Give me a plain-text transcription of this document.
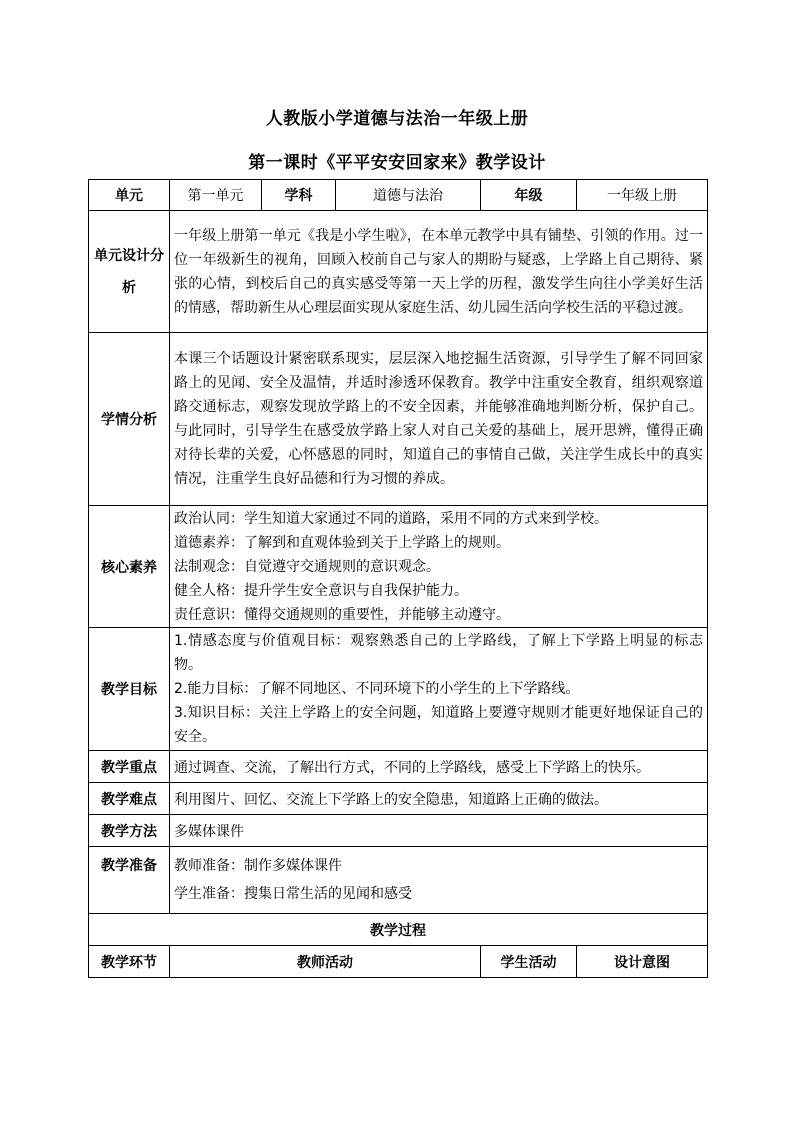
人教版小学道德与法治一年级上册
第一课时《平平安安回家来》教学设计
单元	第一单元	学科	道德与法治	年级	一年级上册
单元设计分析	一年级上册第一单元《我是小学生啦》，在本单元教学中具有铺垫、引领的作用。过一位一年级新生的视角，回顾入校前自己与家人的期盼与疑惑，上学路上自己期待、紧张的心情，到校后自己的真实感受等第一天上学的历程，激发学生向往小学美好生活的情感，帮助新生从心理层面实现从家庭生活、幼儿园生活向学校生活的平稳过渡。				
学情分析	本课三个话题设计紧密联系现实，层层深入地挖掘生活资源，引导学生了解不同回家路上的见闻、安全及温情，并适时渗透环保教育。教学中注重安全教育，组织观察道路交通标志，观察发现放学路上的不安全因素，并能够准确地判断分析，保护自己。与此同时，引导学生在感受放学路上家人对自己关爱的基础上，展开思辨，懂得正确对待长辈的关爱，心怀感恩的同时，知道自己的事情自己做，关注学生成长中的真实情况，注重学生良好品德和行为习惯的养成。				
核心素养	政治认同：学生知道大家通过不同的道路，采用不同的方式来到学校。
道德素养：了解到和直观体验到关于上学路上的规则。
法制观念：自觉遵守交通规则的意识观念。
健全人格：提升学生安全意识与自我保护能力。
责任意识：懂得交通规则的重要性，并能够主动遵守。				

教学目标	1.情感态度与价值观目标：观察熟悉自己的上学路线，了解上下学路上明显的标志物。
2.能力目标：了解不同地区、不同环境下的小学生的上下学路线。
3.知识目标：关注上学路上的安全问题，知道路上要遵守规则才能更好地保证自己的安全。				

教学重点	通过调查、交流，了解出行方式，不同的上学路线，感受上下学路上的快乐。				
教学难点	利用图片、回忆、交流上下学路上的安全隐患，知道路上正确的做法。				
教学方法	多媒体课件				
教学准备	教师准备：制作多媒体课件
学生准备：搜集日常生活的见闻和感受				

教学过程					
教学环节	教师活动			学生活动	设计意图
